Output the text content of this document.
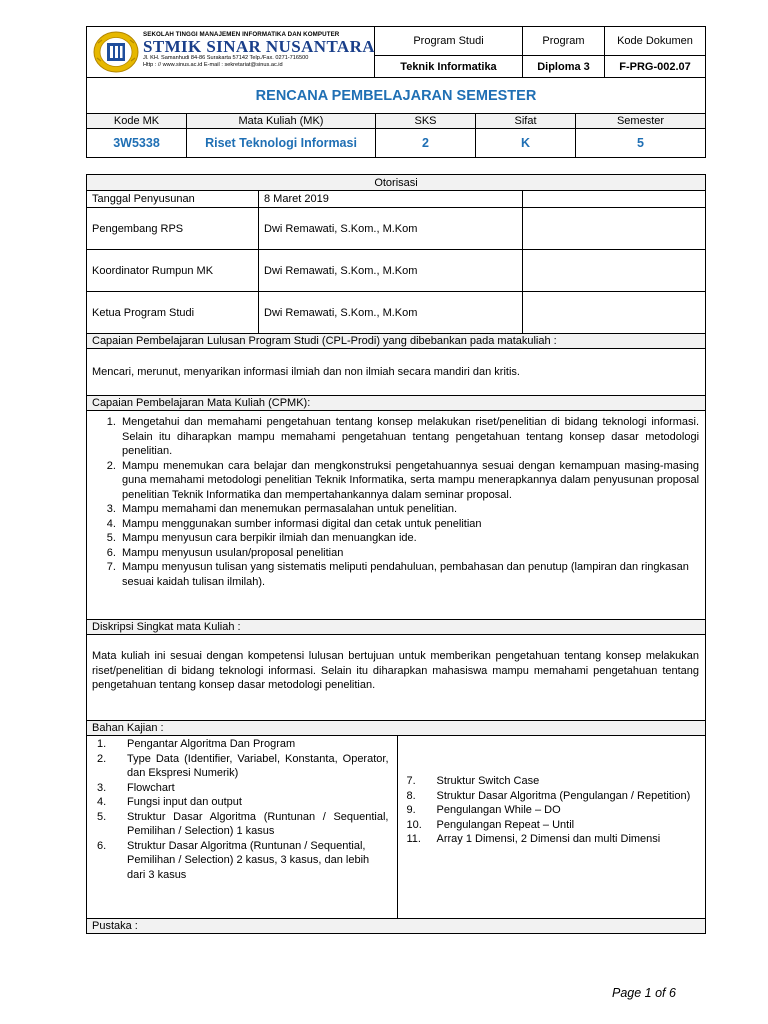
SEKOLAH TINGGI MANAJEMEN INFORMATIKA DAN KOMPUTER
STMIK SINAR NUSANTARA
Jl. KH. Samanhudi 84-86 Surakarta 57142 Telp./Fax. 0271-716500
Http : // www.sinus.ac.id E-mail : sekretariat@sinus.ac.id	Program Studi	Program	Kode Dokumen
	Teknik Informatika	Diploma 3	F-PRG-002.07
RENCANA PEMBELAJARAN SEMESTER			
Kode MK	Mata Kuliah (MK)	SKS	Sifat	Semester
3W5338	Riset Teknologi Informasi	2	K	5
Otorisasi
Tanggal Penyusunan	8 Maret 2019	
Pengembang RPS	Dwi Remawati, S.Kom., M.Kom	
Koordinator Rumpun MK	Dwi Remawati, S.Kom., M.Kom	
Ketua Program Studi	Dwi Remawati, S.Kom., M.Kom	
Capaian Pembelajaran Lulusan Program Studi (CPL-Prodi) yang dibebankan pada matakuliah :
Mencari, merunut, menyarikan informasi ilmiah dan non ilmiah secara mandiri dan kritis.
Capaian Pembelajaran Mata Kuliah (CPMK):

1. Mengetahui dan memahami pengetahuan tentang konsep melakukan riset/penelitian di bidang teknologi informasi. Selain itu diharapkan mampu memahami pengetahuan tentang pengetahuan tentang konsep dasar metodologi penelitian.
2. Mampu menemukan cara belajar dan mengkonstruksi pengetahuannya sesuai dengan kemampuan masing-masing guna memahami metodologi penelitian Teknik Informatika, serta mampu menerapkannya dalam penyusunan proposal penelitian Teknik Informatika dan mempertahankannya dalam seminar proposal.
3. Mampu memahami dan menemukan permasalahan untuk penelitian.
4. Mampu menggunakan sumber informasi digital dan cetak untuk penelitian
5. Mampu menyusun cara berpikir ilmiah dan menuangkan ide.
6. Mampu menyusun usulan/proposal penelitian
7. Mampu menyusun tulisan yang sistematis meliputi pendahuluan, pembahasan dan penutup (lampiran dan ringkasan sesuai kaidah tulisan ilmilah).

Diskripsi Singkat mata Kuliah :
Mata kuliah ini sesuai dengan kompetensi lulusan bertujuan untuk memberikan pengetahuan tentang konsep melakukan riset/penelitian di bidang teknologi informasi. Selain itu diharapkan mahasiswa mampu memahami pengetahuan tentang pengetahuan tentang konsep dasar metodologi penelitian.
Bahan Kajian :

1.	Pengantar Algoritma Dan Program
2.	Type Data (Identifier, Variabel, Konstanta, Operator, dan Ekspresi Numerik)
3.	Flowchart
4.	Fungsi input dan output
5.	Struktur Dasar Algoritma (Runtunan / Sequential, Pemilihan / Selection) 1 kasus
6.	Struktur Dasar Algoritma (Runtunan / Sequential, Pemilihan / Selection) 2 kasus, 3 kasus, dan lebih dari 3 kasus

7.	Struktur Switch Case
8.	Struktur Dasar Algoritma (Pengulangan / Repetition)
9.	Pengulangan While – DO
10.	Pengulangan Repeat – Until
11.	Array 1 Dimensi, 2 Dimensi dan multi Dimensi

Pustaka :
Page 1 of 6
